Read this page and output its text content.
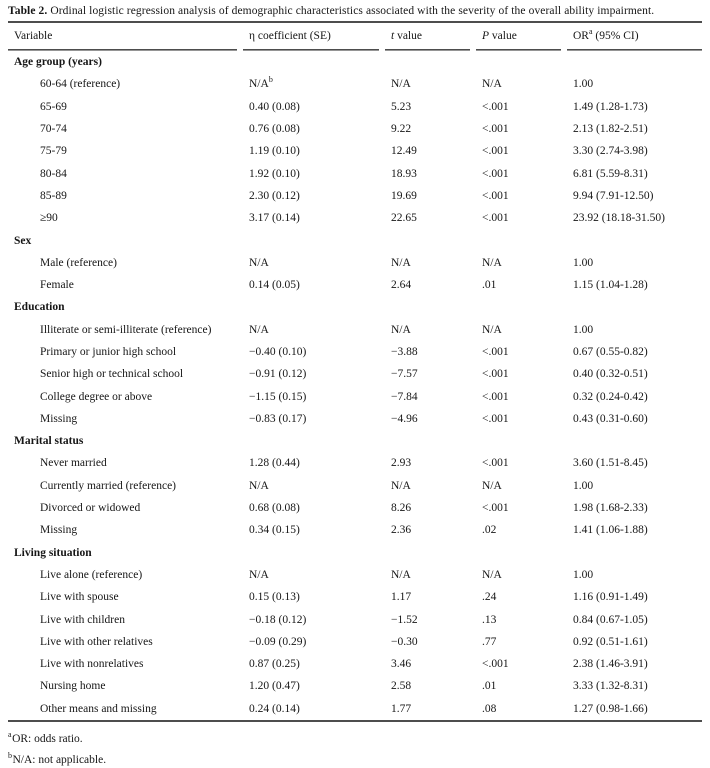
Table 2. Ordinal logistic regression analysis of demographic characteristics associated with the severity of the overall ability impairment.
Variable	η coefficient (SE)	t value	P value	$OR^a$ (95% CI)
Age group (years)				
60-64 (reference)	$N/A^b$	N/A	N/A	1.00
65-69	0.40 (0.08)	5.23	<.001	1.49 (1.28-1.73)
70-74	0.76 (0.08)	9.22	<.001	2.13 (1.82-2.51)
75-79	1.19 (0.10)	12.49	<.001	3.30 (2.74-3.98)
80-84	1.92 (0.10)	18.93	<.001	6.81 (5.59-8.31)
85-89	2.30 (0.12)	19.69	<.001	9.94 (7.91-12.50)
≥90	3.17 (0.14)	22.65	<.001	23.92 (18.18-31.50)
Sex				
Male (reference)	N/A	N/A	N/A	1.00
Female	0.14 (0.05)	2.64	.01	1.15 (1.04-1.28)
Education				
Illiterate or semi-illiterate (reference)	N/A	N/A	N/A	1.00
Primary or junior high school	−0.40 (0.10)	−3.88	<.001	0.67 (0.55-0.82)
Senior high or technical school	−0.91 (0.12)	−7.57	<.001	0.40 (0.32-0.51)
College degree or above	−1.15 (0.15)	−7.84	<.001	0.32 (0.24-0.42)
Missing	−0.83 (0.17)	−4.96	<.001	0.43 (0.31-0.60)
Marital status				
Never married	1.28 (0.44)	2.93	<.001	3.60 (1.51-8.45)
Currently married (reference)	N/A	N/A	N/A	1.00
Divorced or widowed	0.68 (0.08)	8.26	<.001	1.98 (1.68-2.33)
Missing	0.34 (0.15)	2.36	.02	1.41 (1.06-1.88)
Living situation				
Live alone (reference)	N/A	N/A	N/A	1.00
Live with spouse	0.15 (0.13)	1.17	.24	1.16 (0.91-1.49)
Live with children	−0.18 (0.12)	−1.52	.13	0.84 (0.67-1.05)
Live with other relatives	−0.09 (0.29)	−0.30	.77	0.92 (0.51-1.61)
Live with nonrelatives	0.87 (0.25)	3.46	<.001	2.38 (1.46-3.91)
Nursing home	1.20 (0.47)	2.58	.01	3.33 (1.32-8.31)
Other means and missing	0.24 (0.14)	1.77	.08	1.27 (0.98-1.66)
$^a$OR: odds ratio.
$^b$N/A: not applicable.
